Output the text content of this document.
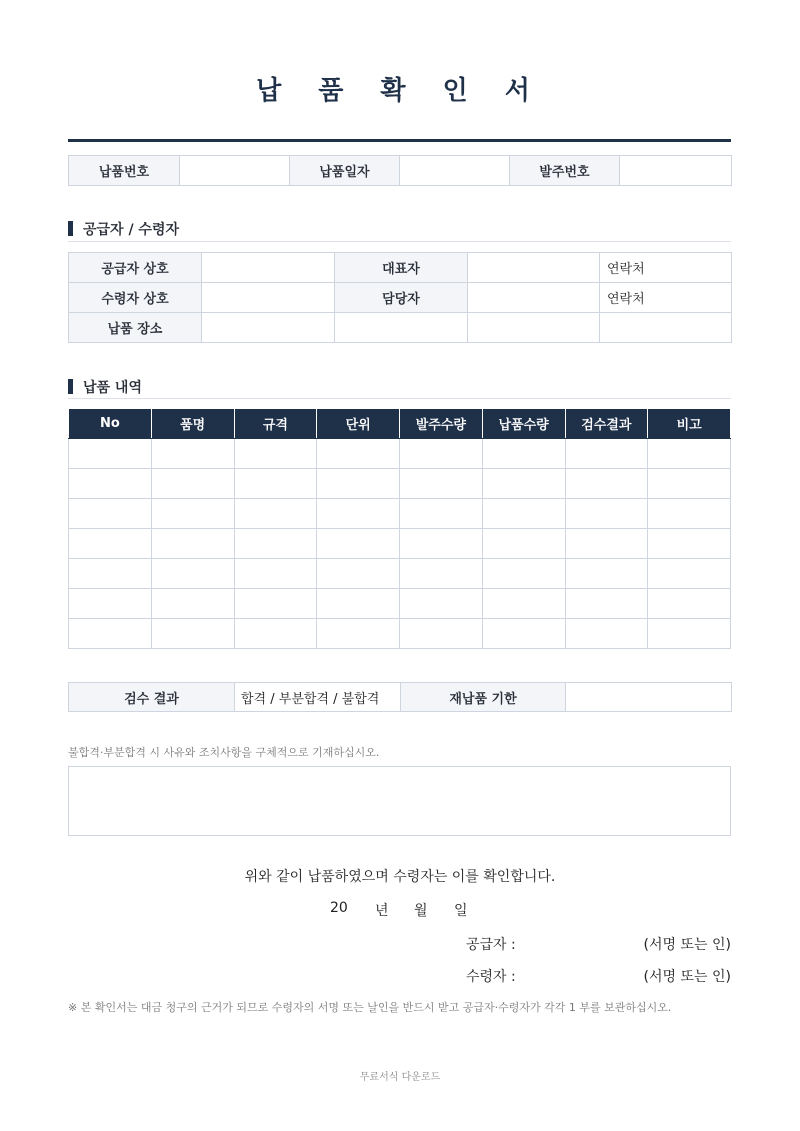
납 품 확 인 서
납품번호		납품일자		발주번호	
공급자 / 수령자
공급자 상호		대표자		연락처
수령자 상호		담당자		연락처
납품 장소				
납품 내역
No	품명	규격	단위	발주수량	납품수량	검수결과	비고

검수 결과	합격 / 부분합격 / 불합격	재납품 기한	
불합격·부분합격 시 사유와 조치사항을 구체적으로 기재하십시오.
위와 같이 납품하였으며 수령자는 이를 확인합니다.
20 년 월 일
공급자 :	(서명 또는 인)
수령자 :	(서명 또는 인)
※ 본 확인서는 대금 청구의 근거가 되므로 수령자의 서명 또는 날인을 반드시 받고 공급자·수령자가 각각 1 부를 보관하십시오.
무료서식 다운로드
